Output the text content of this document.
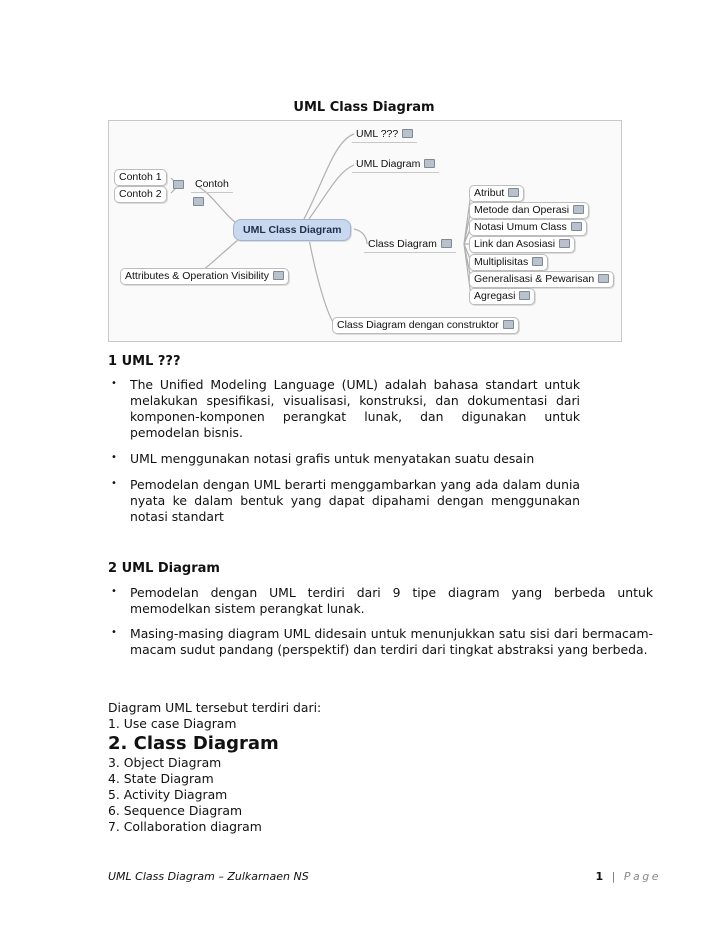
UML Class Diagram
UML ???
UML Diagram
Contoh 1

Contoh 2
Contoh
UML Class Diagram
Class Diagram
Attributes & Operation Visibility
Atribut
Metode dan Operasi
Notasi Umum Class
Link dan Asosiasi
Multiplisitas
Generalisasi & Pewarisan
Agregasi
Class Diagram dengan construktor
1 UML ???
• The Unified Modeling Language (UML) adalah bahasa standart untuk melakukan spesifikasi, visualisasi, konstruksi, dan dokumentasi dari komponen-komponen perangkat lunak, dan digunakan untuk pemodelan bisnis.
• UML menggunakan notasi grafis untuk menyatakan suatu desain
• Pemodelan dengan UML berarti menggambarkan yang ada dalam dunia nyata ke dalam bentuk yang dapat dipahami dengan menggunakan notasi standart
2 UML Diagram
• Pemodelan dengan UML terdiri dari 9 tipe diagram yang berbeda untuk memodelkan sistem perangkat lunak.
• Masing-masing diagram UML didesain untuk menunjukkan satu sisi dari bermacam-macam sudut pandang (perspektif) dan terdiri dari tingkat abstraksi yang berbeda.
Diagram UML tersebut terdiri dari:
1. Use case Diagram
2. Class Diagram
3. Object Diagram
4. State Diagram
5. Activity Diagram
6. Sequence Diagram
7. Collaboration diagram
UML Class Diagram – Zulkarnaen NS	1 | Page
